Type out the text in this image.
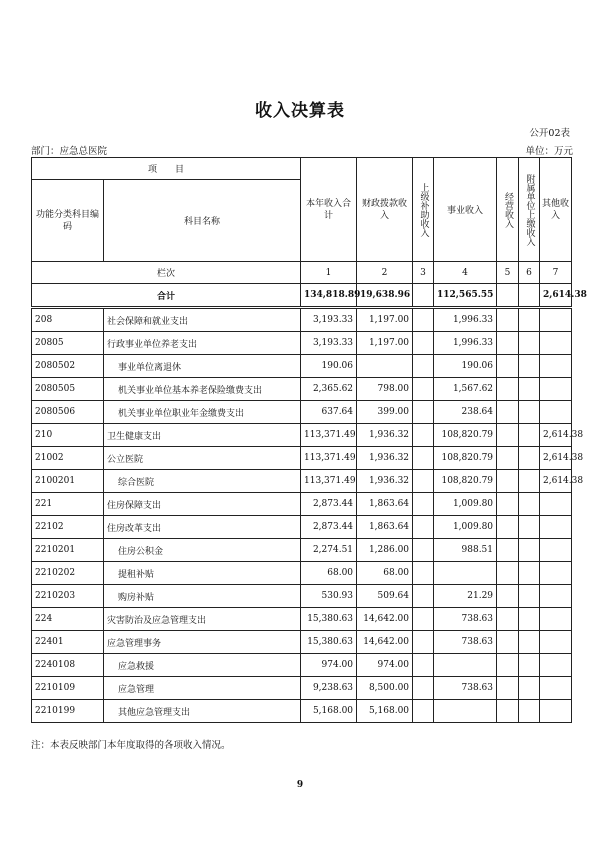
收入决算表
公开02表
部门：应急总医院	单位：万元
项　　目		本年收入合计	财政拨款收入	上级补助收入	事业收入	经营收入	附属单位上缴收入	其他收入
功能分类科目编码	科目名称							
栏次		1	2	3	4	5	6	7
合计		134,818.89	19,638.96		112,565.55			2,614.38
208	社会保障和就业支出	3,193.33	1,197.00		1,996.33			
20805	行政事业单位养老支出	3,193.33	1,197.00		1,996.33			
2080502	事业单位离退休	190.06			190.06			
2080505	机关事业单位基本养老保险缴费支出	2,365.62	798.00		1,567.62			
2080506	机关事业单位职业年金缴费支出	637.64	399.00		238.64			
210	卫生健康支出	113,371.49	1,936.32		108,820.79			2,614.38
21002	公立医院	113,371.49	1,936.32		108,820.79			2,614.38
2100201	综合医院	113,371.49	1,936.32		108,820.79			2,614.38
221	住房保障支出	2,873.44	1,863.64		1,009.80			
22102	住房改革支出	2,873.44	1,863.64		1,009.80			
2210201	住房公积金	2,274.51	1,286.00		988.51			
2210202	提租补贴	68.00	68.00					
2210203	购房补贴	530.93	509.64		21.29			
224	灾害防治及应急管理支出	15,380.63	14,642.00		738.63			
22401	应急管理事务	15,380.63	14,642.00		738.63			
2240108	应急救援	974.00	974.00					
2210109	应急管理	9,238.63	8,500.00		738.63			
2210199	其他应急管理支出	5,168.00	5,168.00					
注：本表反映部门本年度取得的各项收入情况。
9
